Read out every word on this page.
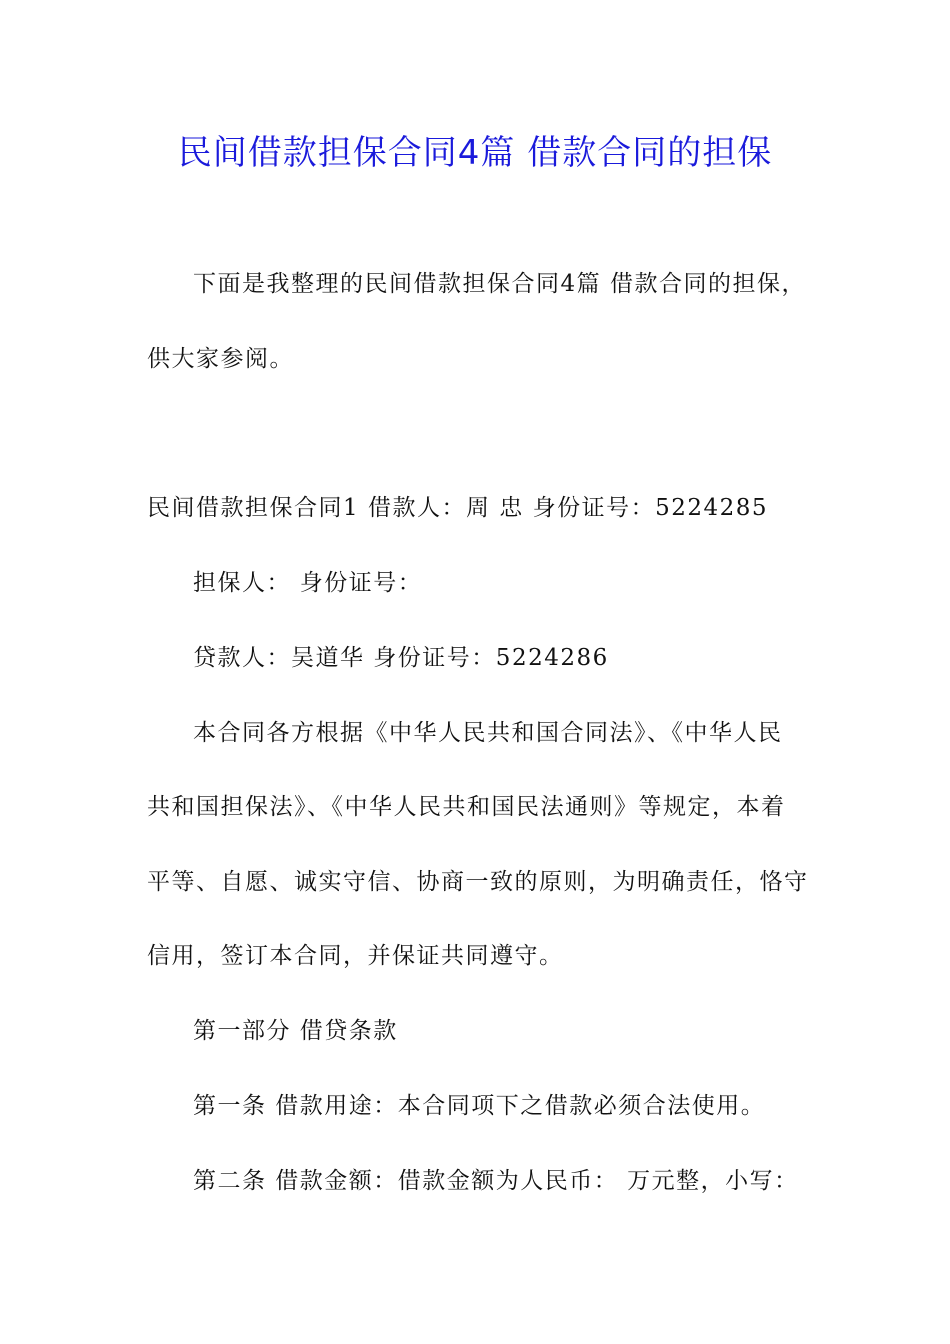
民间借款担保合同4篇 借款合同的担保
下面是我整理的民间借款担保合同4篇 借款合同的担保，
供大家参阅。
民间借款担保合同1 借款人：周 忠 身份证号：5224285
担保人： 身份证号：
贷款人：吴道华 身份证号：5224286
本合同各方根据《中华人民共和国合同法》、《中华人民
共和国担保法》、《中华人民共和国民法通则》等规定，本着
平等、自愿、诚实守信、协商一致的原则，为明确责任，恪守
信用，签订本合同，并保证共同遵守。
第一部分 借贷条款
第一条 借款用途：本合同项下之借款必须合法使用。
第二条 借款金额：借款金额为人民币： 万元整，小写：
